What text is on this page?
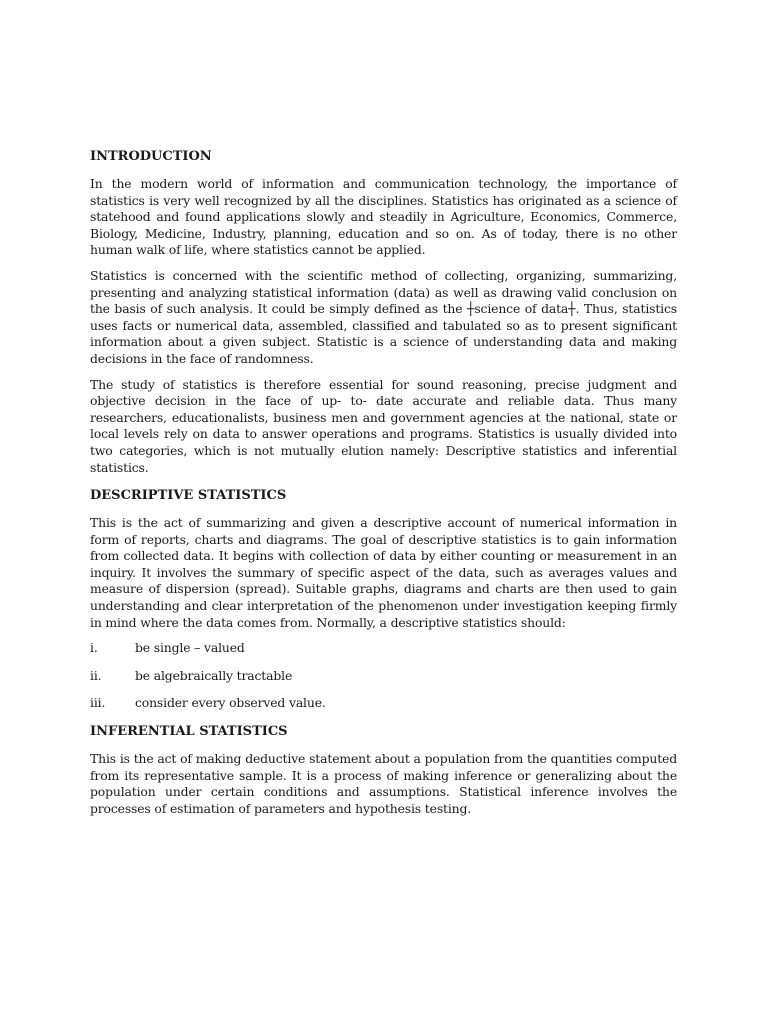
INTRODUCTION

In the modern world of information and communication technology, the importance of statistics is very well recognized by all the disciplines. Statistics has originated as a science of statehood and found applications slowly and steadily in Agriculture, Economics, Commerce, Biology, Medicine, Industry, planning, education and so on. As of today, there is no other human walk of life, where statistics cannot be applied.

Statistics is concerned with the scientific method of collecting, organizing, summarizing, presenting and analyzing statistical information (data) as well as drawing valid conclusion on the basis of such analysis. It could be simply defined as the ┼science of data┼. Thus, statistics uses facts or numerical data, assembled, classified and tabulated so as to present significant information about a given subject. Statistic is a science of understanding data and making decisions in the face of randomness.

The study of statistics is therefore essential for sound reasoning, precise judgment and objective decision in the face of up- to- date accurate and reliable data. Thus many researchers, educationalists, business men and government agencies at the national, state or local levels rely on data to answer operations and programs. Statistics is usually divided into two categories, which is not mutually elution namely: Descriptive statistics and inferential statistics.

DESCRIPTIVE STATISTICS

This is the act of summarizing and given a descriptive account of numerical information in form of reports, charts and diagrams. The goal of descriptive statistics is to gain information from collected data. It begins with collection of data by either counting or measurement in an inquiry. It involves the summary of specific aspect of the data, such as averages values and measure of dispersion (spread). Suitable graphs, diagrams and charts are then used to gain understanding and clear interpretation of the phenomenon under investigation keeping firmly in mind where the data comes from. Normally, a descriptive statistics should:

i.	be single – valued
ii.	be algebraically tractable
iii.	consider every observed value.
INFERENTIAL STATISTICS

This is the act of making deductive statement about a population from the quantities computed from its representative sample. It is a process of making inference or generalizing about the population under certain conditions and assumptions. Statistical inference involves the processes of estimation of parameters and hypothesis testing.
